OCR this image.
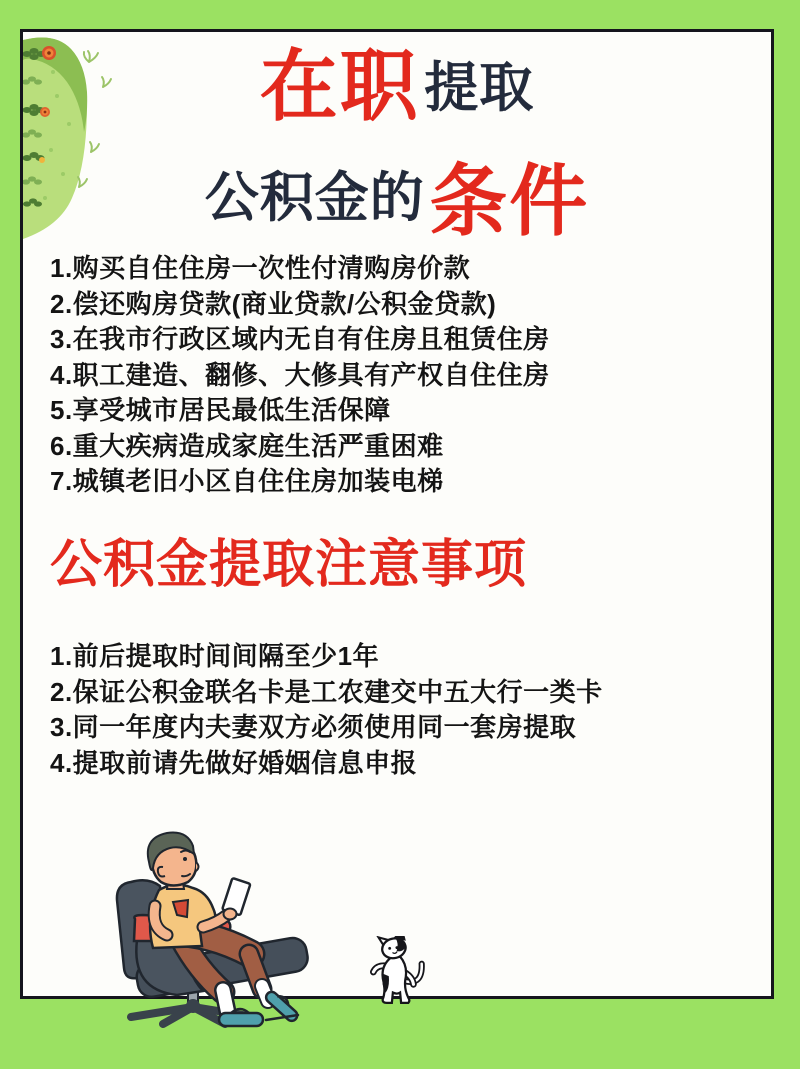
在职 提取
公积金的 条件
1.购买自住住房一次性付清购房价款
2.偿还购房贷款(商业贷款/公积金贷款)
3.在我市行政区域内无自有住房且租赁住房
4.职工建造、翻修、大修具有产权自住住房
5.享受城市居民最低生活保障
6.重大疾病造成家庭生活严重困难
7.城镇老旧小区自住住房加装电梯
公积金提取注意事项
1.前后提取时间间隔至少1年
2.保证公积金联名卡是工农建交中五大行一类卡
3.同一年度内夫妻双方必须使用同一套房提取
4.提取前请先做好婚姻信息申报
